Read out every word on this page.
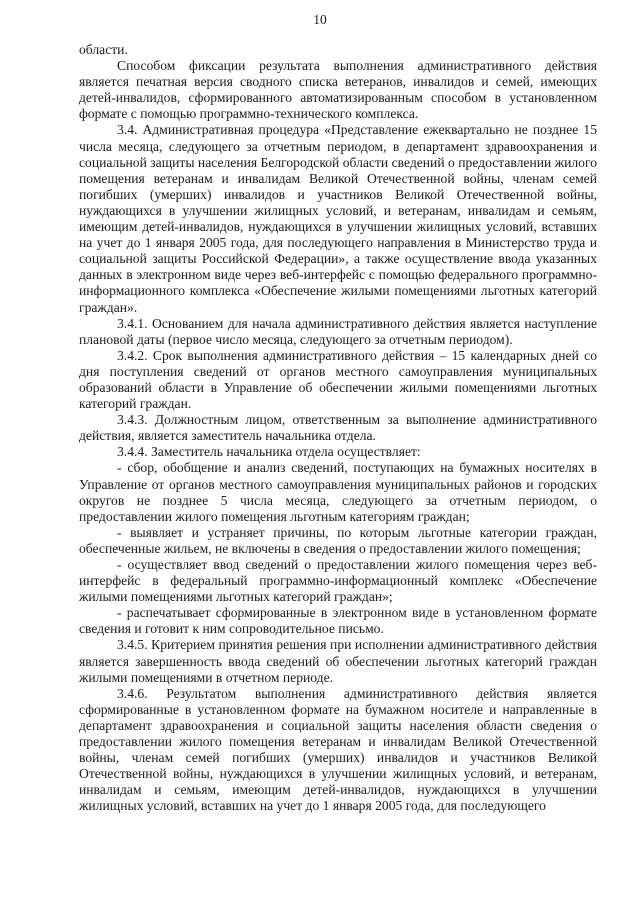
10

области.

Способом фиксации результата выполнения административного действия является печатная версия сводного списка ветеранов, инвалидов и семей, имеющих детей-инвалидов, сформированного автоматизированным способом в установленном формате с помощью программно-технического комплекса.

3.4. Административная процедура «Представление ежеквартально не позднее 15 числа месяца, следующего за отчетным периодом, в департамент здравоохранения и социальной защиты населения Белгородской области сведений о предоставлении жилого помещения ветеранам и инвалидам Великой Отечественной войны, членам семей погибших (умерших) инвалидов и участников Великой Отечественной войны, нуждающихся в улучшении жилищных условий, и ветеранам, инвалидам и семьям, имеющим детей-инвалидов, нуждающихся в улучшении жилищных условий, вставших на учет до 1 января 2005 года, для последующего направления в Министерство труда и социальной защиты Российской Федерации», а также осуществление ввода указанных данных в электронном виде через веб-интерфейс с помощью федерального программно-информационного комплекса «Обеспечение жилыми помещениями льготных категорий граждан».

3.4.1. Основанием для начала административного действия является наступление плановой даты (первое число месяца, следующего за отчетным периодом).

3.4.2. Срок выполнения административного действия – 15 календарных дней со дня поступления сведений от органов местного самоуправления муниципальных образований области в Управление об обеспечении жилыми помещениями льготных категорий граждан.

3.4.3. Должностным лицом, ответственным за выполнение административного действия, является заместитель начальника отдела.

3.4.4. Заместитель начальника отдела осуществляет:

- сбор, обобщение и анализ сведений, поступающих на бумажных носителях в Управление от органов местного самоуправления муниципальных районов и городских округов не позднее 5 числа месяца, следующего за отчетным периодом, о предоставлении жилого помещения льготным категориям граждан;

- выявляет и устраняет причины, по которым льготные категории граждан, обеспеченные жильем, не включены в сведения о предоставлении жилого помещения;

- осуществляет ввод сведений о предоставлении жилого помещения через веб-интерфейс в федеральный программно-информационный комплекс «Обеспечение жилыми помещениями льготных категорий граждан»;

- распечатывает сформированные в электронном виде в установленном формате сведения и готовит к ним сопроводительное письмо.

3.4.5. Критерием принятия решения при исполнении административного действия является завершенность ввода сведений об обеспечении льготных категорий граждан жилыми помещениями в отчетном периоде.

3.4.6. Результатом выполнения административного действия является сформированные в установленном формате на бумажном носителе и направленные в департамент здравоохранения и социальной защиты населения области сведения о предоставлении жилого помещения ветеранам и инвалидам Великой Отечественной войны, членам семей погибших (умерших) инвалидов и участников Великой Отечественной войны, нуждающихся в улучшении жилищных условий, и ветеранам, инвалидам и семьям, имеющим детей-инвалидов, нуждающихся в улучшении жилищных условий, вставших на учет до 1 января 2005 года, для последующего
